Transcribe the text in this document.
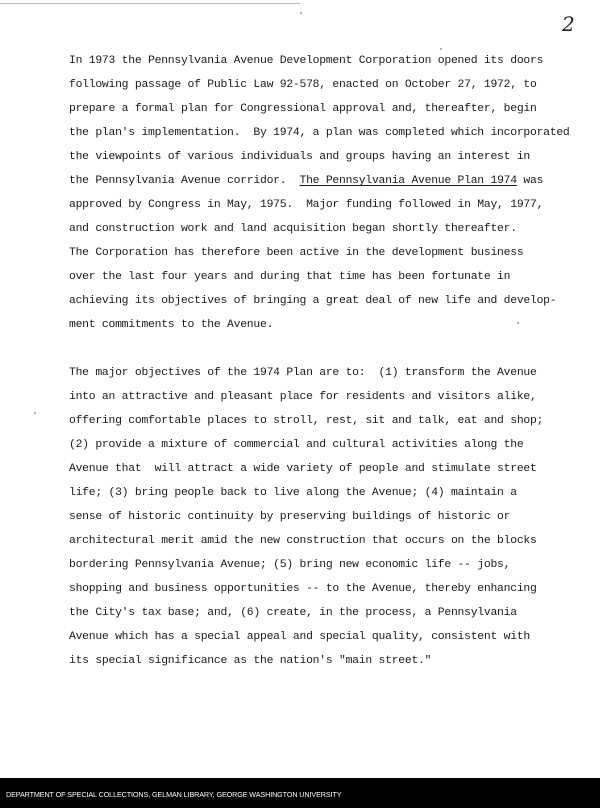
2
In 1973 the Pennsylvania Avenue Development Corporation opened its doors
following passage of Public Law 92-578, enacted on October 27, 1972, to
prepare a formal plan for Congressional approval and, thereafter, begin
the plan's implementation.  By 1974, a plan was completed which incorporated
the viewpoints of various individuals and groups having an interest in
the Pennsylvania Avenue corridor.  The Pennsylvania Avenue Plan 1974 was
approved by Congress in May, 1975.  Major funding followed in May, 1977,
and construction work and land acquisition began shortly thereafter.
The Corporation has therefore been active in the development business
over the last four years and during that time has been fortunate in
achieving its objectives of bringing a great deal of new life and develop-
ment commitments to the Avenue.
The major objectives of the 1974 Plan are to:  (1) transform the Avenue
into an attractive and pleasant place for residents and visitors alike,
offering comfortable places to stroll, rest, sit and talk, eat and shop;
(2) provide a mixture of commercial and cultural activities along the
Avenue that  will attract a wide variety of people and stimulate street
life; (3) bring people back to live along the Avenue; (4) maintain a
sense of historic continuity by preserving buildings of historic or
architectural merit amid the new construction that occurs on the blocks
bordering Pennsylvania Avenue; (5) bring new economic life -- jobs,
shopping and business opportunities -- to the Avenue, thereby enhancing
the City's tax base; and, (6) create, in the process, a Pennsylvania
Avenue which has a special appeal and special quality, consistent with
its special significance as the nation's "main street."
DEPARTMENT OF SPECIAL COLLECTIONS, GELMAN LIBRARY, GEORGE WASHINGTON UNIVERSITY
